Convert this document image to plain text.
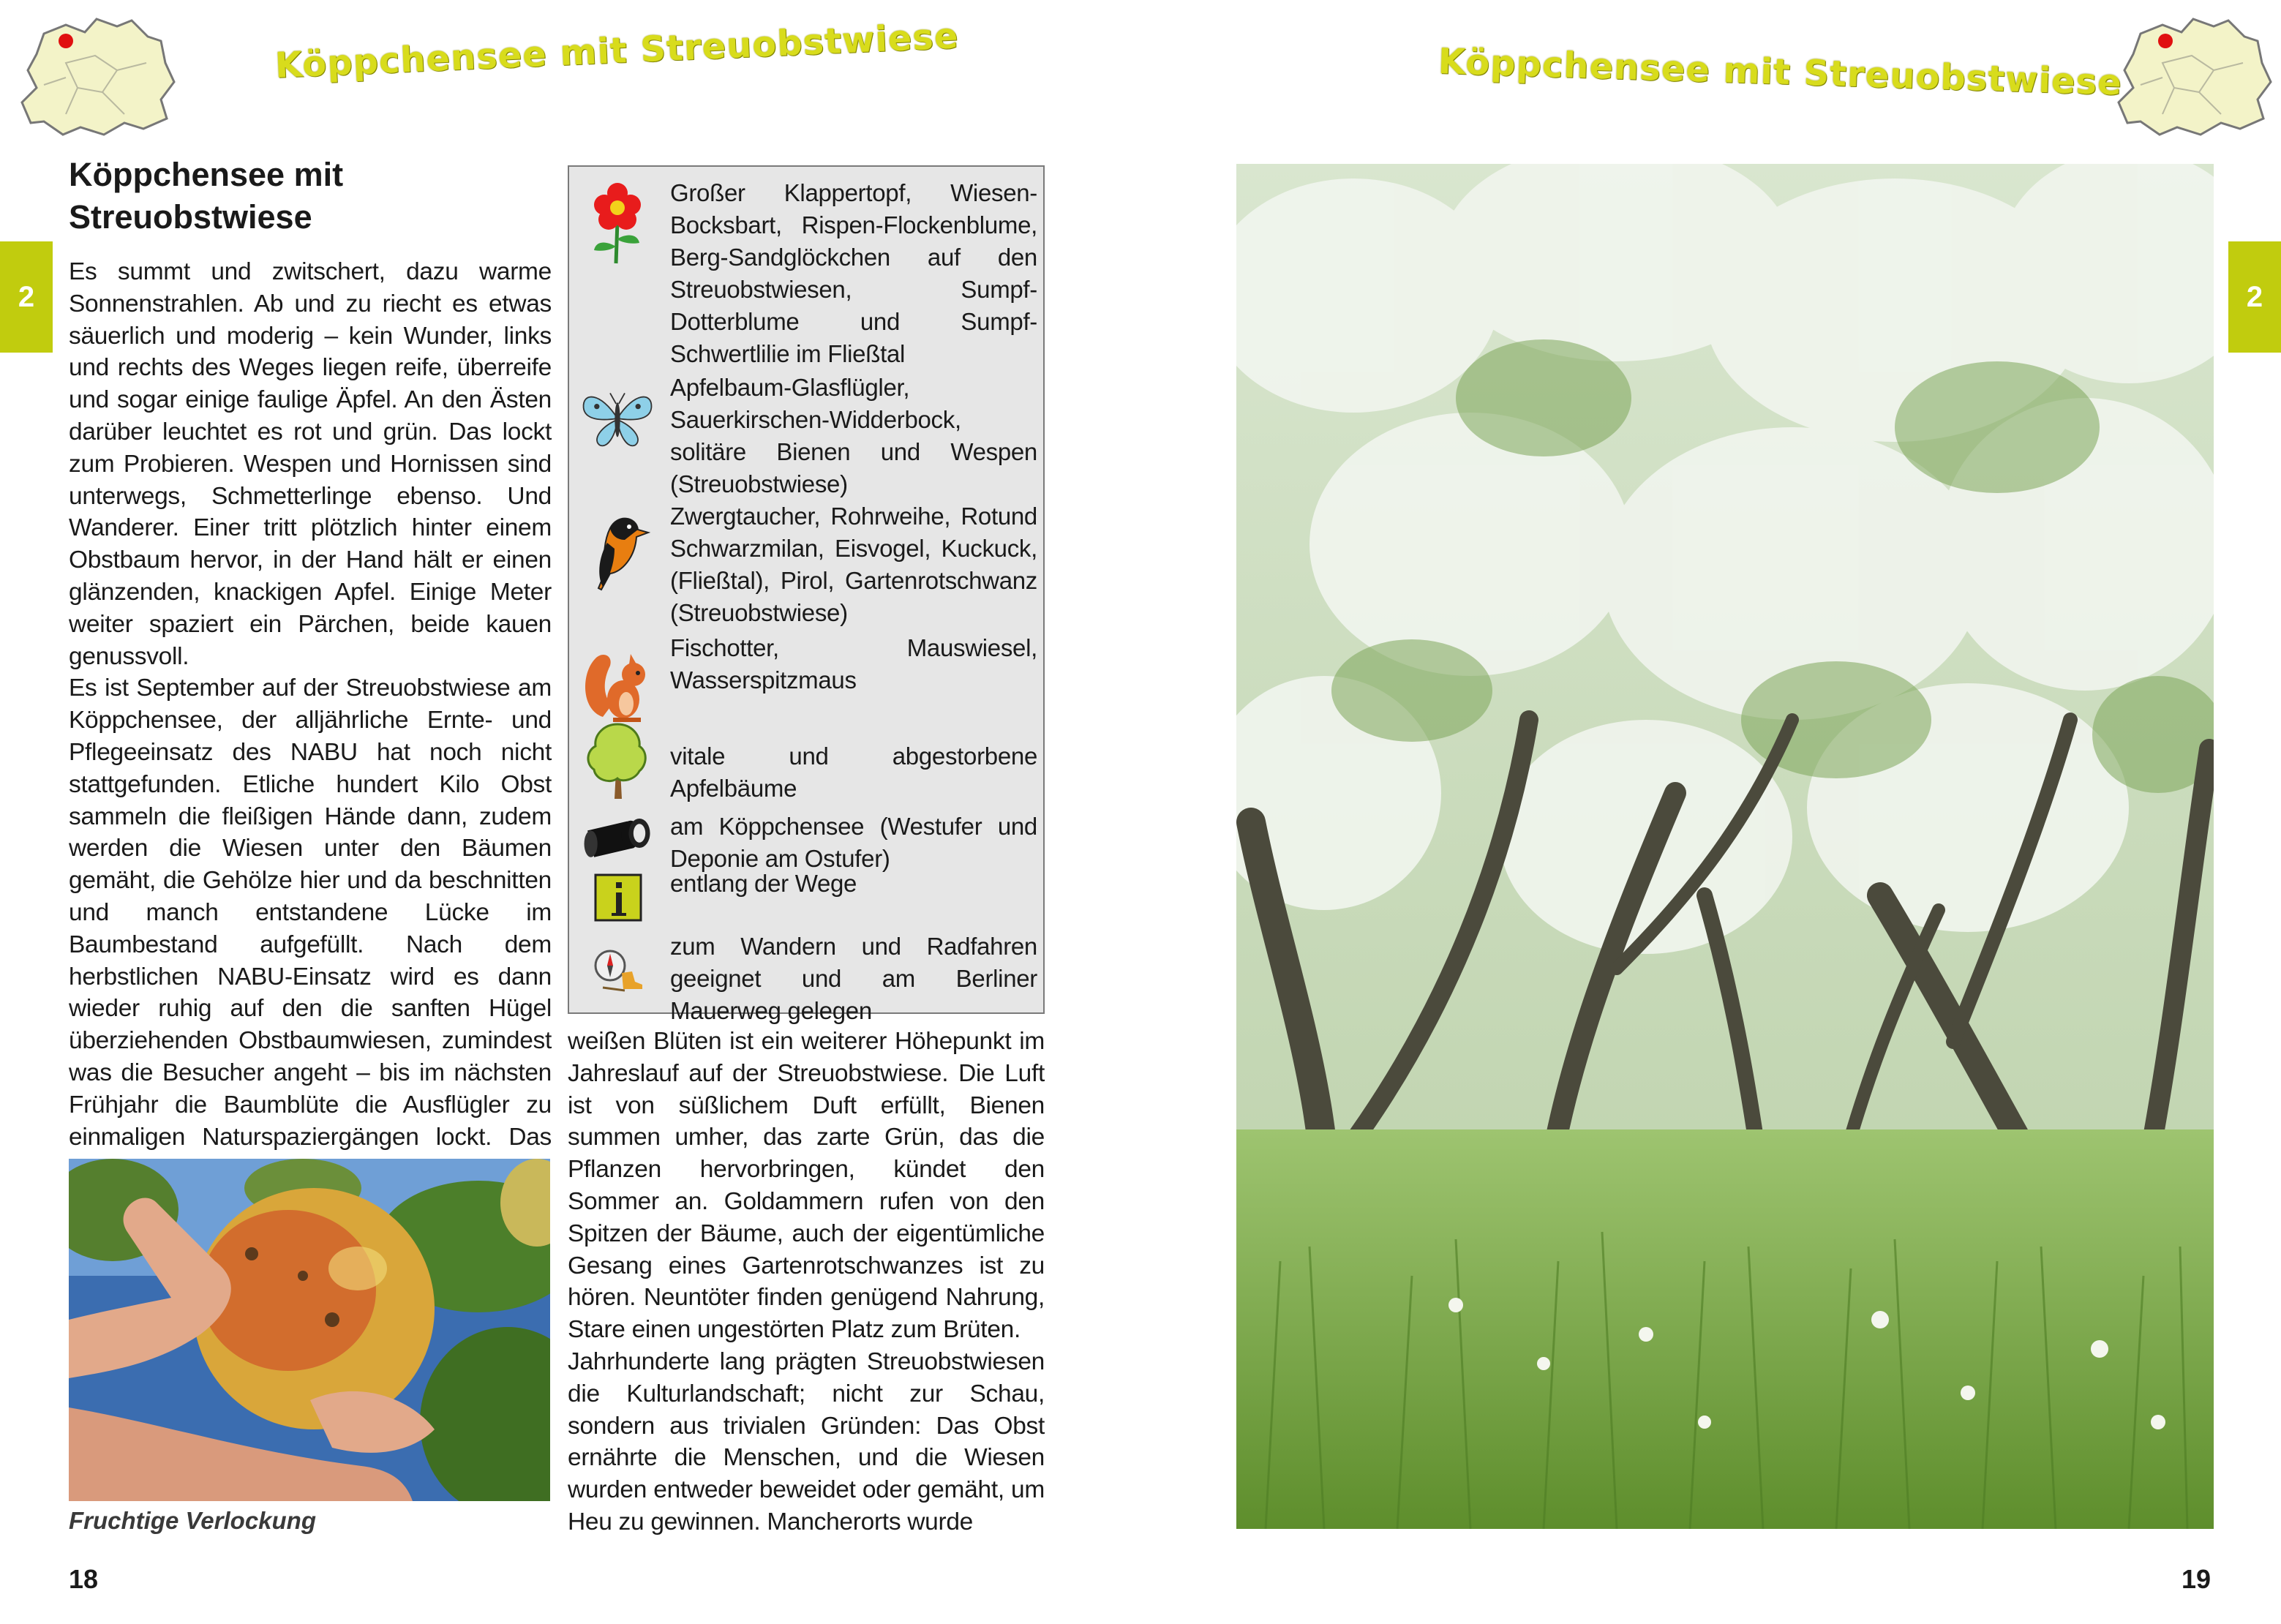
Köppchensee mit Streuobstwiese	Köppchensee mit Streuobstwiese
2	2
Köppchensee mit Streuobstwiese

Es summt und zwitschert, dazu warme Sonnenstrahlen. Ab und zu riecht es etwas säuerlich und moderig – kein Wunder, links und rechts des Weges liegen reife, überreife und sogar einige faulige Äpfel. An den Ästen darüber leuchtet es rot und grün. Das lockt zum Probieren. Wespen und Hornissen sind unterwegs, Schmetterlinge ebenso. Und Wanderer. Einer tritt plötzlich hinter einem Obstbaum hervor, in der Hand hält er einen glänzenden, knackigen Apfel. Einige Meter weiter spaziert ein Pärchen, beide kauen genussvoll.

Es ist September auf der Streuobstwiese am Köppchensee, der alljährliche Ernte- und Pflegeeinsatz des NABU hat noch nicht stattgefunden. Etliche hundert Kilo Obst sammeln die fleißigen Hände dann, zudem werden die Wiesen unter den Bäumen gemäht, die Gehölze hier und da beschnitten und manch entstandene Lücke im Baumbestand aufgefüllt. Nach dem herbstlichen NABU-Einsatz wird es dann wieder ruhig auf den die sanften Hügel überziehenden Obstbaumwiesen, zumindest was die Besucher angeht – bis im nächsten Frühjahr die Baumblüte die Ausflügler zu einmaligen Naturspaziergängen lockt. Das

Fruchtige Verlockung
Großer Klappertopf, Wiesen-Bocksbart, Rispen-Flockenblume, Berg-Sandglöckchen auf den Streuobstwiesen, Sumpf-Dotterblume und Sumpf-Schwertlilie im Fließtal
Apfelbaum-Glasflügler, Sauerkirschen-Widderbock, solitäre Bienen und Wespen (Streuobstwiese)
Zwergtaucher, Rohrweihe, Rotund Schwarzmilan, Eisvogel, Kuckuck, (Fließtal), Pirol, Gartenrotschwanz (Streuobstwiese)
Fischotter, Mauswiesel, Wasserspitzmaus
vitale und abgestorbene Apfelbäume
am Köppchensee (Westufer und Deponie am Ostufer)
entlang der Wege
zum Wandern und Radfahren geeignet und am Berliner Mauerweg gelegen

weißen Blüten ist ein weiterer Höhepunkt im Jahreslauf auf der Streuobstwiese. Die Luft ist von süßlichem Duft erfüllt, Bienen summen umher, das zarte Grün, das die Pflanzen hervorbringen, kündet den Sommer an. Goldammern rufen von den Spitzen der Bäume, auch der eigentümliche Gesang eines Gartenrotschwanzes ist zu hören. Neuntöter finden genügend Nahrung, Stare einen ungestörten Platz zum Brüten.

Jahrhunderte lang prägten Streuobstwiesen die Kulturlandschaft; nicht zur Schau, sondern aus trivialen Gründen: Das Obst ernährte die Menschen, und die Wiesen wurden entweder beweidet oder gemäht, um Heu zu gewinnen. Mancherorts wurde

18	19
